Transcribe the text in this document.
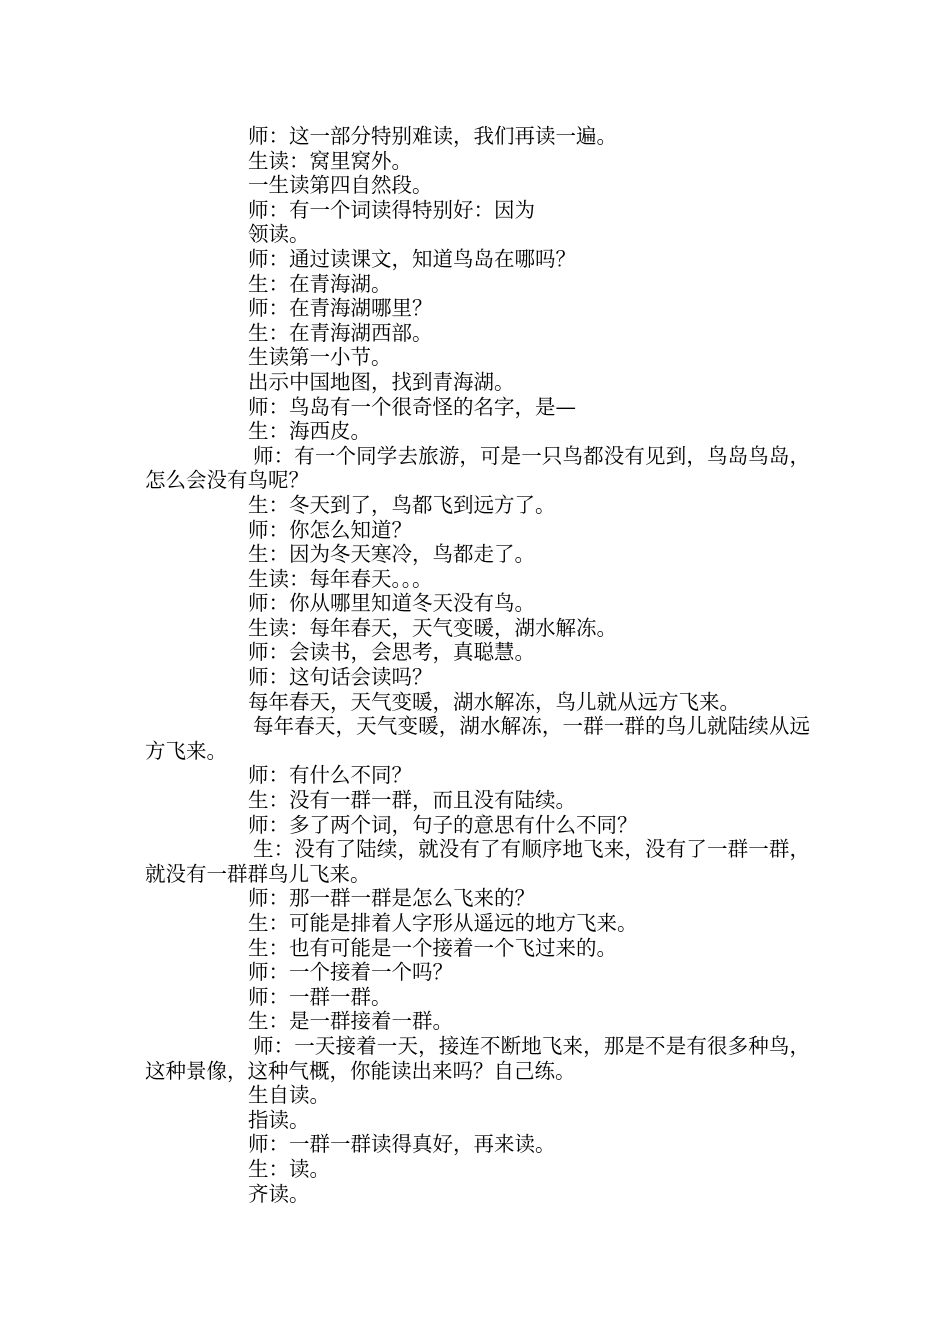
师：这一部分特别难读，我们再读一遍。
生读：窝里窝外。
一生读第四自然段。
师：有一个词读得特别好：因为
领读。
师：通过读课文，知道鸟岛在哪吗？
生：在青海湖。
师：在青海湖哪里？
生：在青海湖西部。
生读第一小节。
出示中国地图，找到青海湖。
师：鸟岛有一个很奇怪的名字，是—
生：海西皮。
师：有一个同学去旅游，可是一只鸟都没有见到，鸟岛鸟岛，怎么会没有鸟呢？
生：冬天到了，鸟都飞到远方了。
师：你怎么知道？
生：因为冬天寒冷，鸟都走了。
生读：每年春天。。。
师：你从哪里知道冬天没有鸟。
生读：每年春天，天气变暖，湖水解冻。
师：会读书，会思考，真聪慧。
师：这句话会读吗？
每年春天，天气变暖，湖水解冻，鸟儿就从远方飞来。
每年春天，天气变暖，湖水解冻，一群一群的鸟儿就陆续从远方飞来。
师：有什么不同？
生：没有一群一群，而且没有陆续。
师：多了两个词，句子的意思有什么不同？
生：没有了陆续，就没有了有顺序地飞来，没有了一群一群，就没有一群群鸟儿飞来。
师：那一群一群是怎么飞来的？
生：可能是排着人字形从遥远的地方飞来。
生：也有可能是一个接着一个飞过来的。
师：一个接着一个吗？
师：一群一群。
生：是一群接着一群。
师：一天接着一天，接连不断地飞来，那是不是有很多种鸟，这种景像，这种气概，你能读出来吗？自己练。
生自读。
指读。
师：一群一群读得真好，再来读。
生：读。
齐读。
